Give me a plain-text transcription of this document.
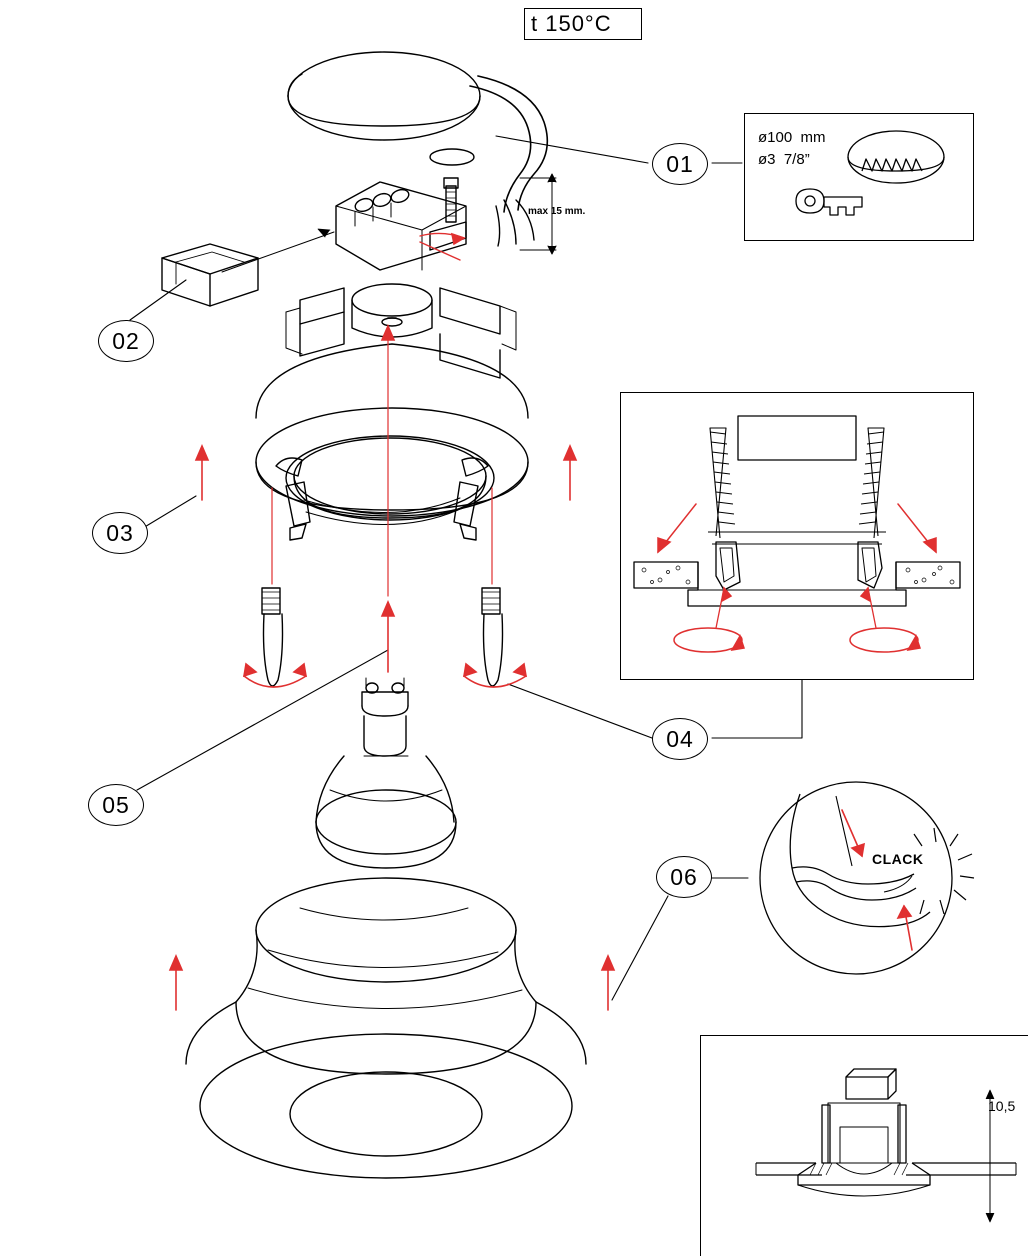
ø100  mm
ø3  7/8”
CLACK
10,5
t 150°C
max 15 mm.
01
02
03
04
05
06
